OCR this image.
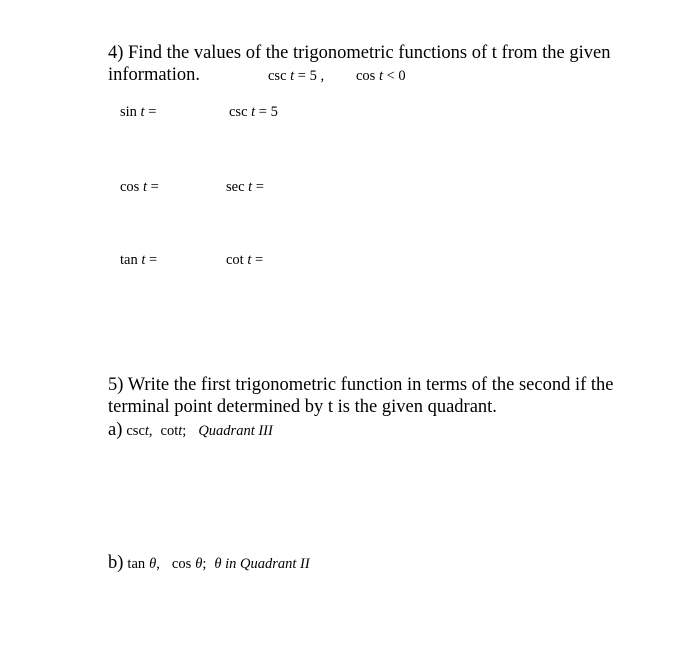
4) Find the values of the trigonometric functions of t from the given
information.	csc t = 5 , cos t < 0
sin t =	csc t = 5
cos t =	sec t =
tan t =	cot t =
5) Write the first trigonometric function in terms of the second if the
terminal point determined by t is the given quadrant.
a) csct, cott; Quadrant III
b) tan θ, cos θ; θ in Quadrant II
